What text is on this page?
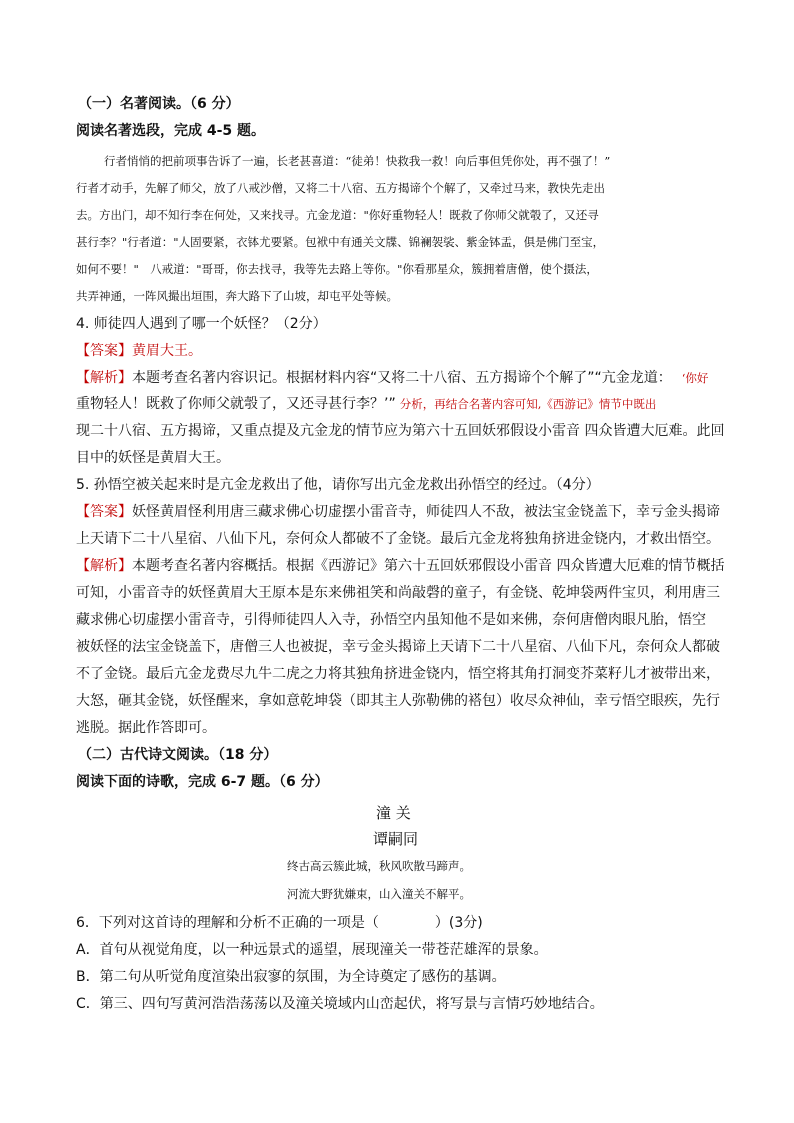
（一）名著阅读。（6 分）
阅读名著选段，完成 4-5 题。
行者悄悄的把前项事告诉了一遍，长老甚喜道：“徒弟！快救我一救！向后事但凭你处，再不强了！”
行者才动手，先解了师父，放了八戒沙僧，又将二十八宿、五方揭谛个个解了，又牵过马来，教快先走出
去。方出门，却不知行李在何处，又来找寻。亢金龙道："你好重物轻人！既救了你师父就彀了，又还寻
甚行李？"行者道："人固要紧，衣钵尤要紧。包袱中有通关文牒、锦襕袈裟、紫金钵盂，俱是佛门至宝，
如何不要！"　八戒道："哥哥，你去找寻，我等先去路上等你。"你看那星众，簇拥着唐僧，使个摄法，
共弄神通，一阵风撮出垣围，奔大路下了山坡，却屯平处等候。
4. 师徒四人遇到了哪一个妖怪？（2分）
【答案】黄眉大王。
【解析】本题考查名著内容识记。根据材料内容“又将二十八宿、五方揭谛个个解了”“亢金龙道： ‘你好
重物轻人！既救了你师父就彀了，又还寻甚行李？’” 分析，再结合名著内容可知,《西游记》情节中既出
现二十八宿、五方揭谛，又重点提及亢金龙的情节应为第六十五回妖邪假设小雷音 四众皆遭大厄难。此回
目中的妖怪是黄眉大王。
5. 孙悟空被关起来时是亢金龙救出了他，请你写出亢金龙救出孙悟空的经过。（4分）
【答案】妖怪黄眉怪利用唐三藏求佛心切虚摆小雷音寺，师徒四人不敌，被法宝金铙盖下，幸亏金头揭谛
上天请下二十八星宿、八仙下凡，奈何众人都破不了金铙。最后亢金龙将独角挤进金铙内，才救出悟空。
【解析】本题考查名著内容概括。根据《西游记》第六十五回妖邪假设小雷音 四众皆遭大厄难的情节概括
可知，小雷音寺的妖怪黄眉大王原本是东来佛祖笑和尚敲磬的童子，有金铙、乾坤袋两件宝贝，利用唐三
藏求佛心切虚摆小雷音寺，引得师徒四人入寺，孙悟空内虽知他不是如来佛，奈何唐僧肉眼凡胎，悟空
被妖怪的法宝金铙盖下，唐僧三人也被捉，幸亏金头揭谛上天请下二十八星宿、八仙下凡，奈何众人都破
不了金铙。最后亢金龙费尽九牛二虎之力将其独角挤进金铙内，悟空将其角打洞变芥菜籽儿才被带出来，
大怒，砸其金铙，妖怪醒来，拿如意乾坤袋（即其主人弥勒佛的褡包）收尽众神仙，幸亏悟空眼疾，先行
逃脱。据此作答即可。
（二）古代诗文阅读。（18 分）
阅读下面的诗歌，完成 6-7 题。（6 分）
潼 关
谭嗣同
终古高云簇此城，秋风吹散马蹄声。
河流大野犹嫌束，山入潼关不解平。
6．下列对这首诗的理解和分析不正确的一项是（　　　　）(3分)
A．首句从视觉角度，以一种远景式的遥望，展现潼关一带苍茫雄浑的景象。
B．第二句从听觉角度渲染出寂寥的氛围，为全诗奠定了感伤的基调。
C．第三、四句写黄河浩浩荡荡以及潼关境域内山峦起伏，将写景与言情巧妙地结合。
